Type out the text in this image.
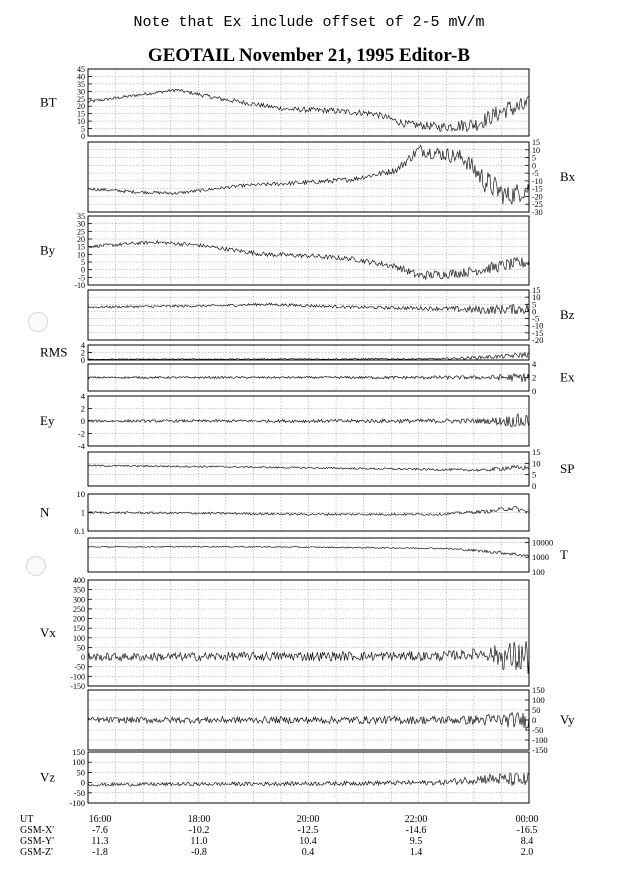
Note that Ex include offset of 2-5 mV/m
GEOTAIL November 21, 1995 Editor-B
45
40
35
30
25
20
15
10
5
0
BT
15
10
5
0
-5
-10
-15
-20
-25
-30
Bx
35
30
25
20
15
10
5
0
-5
-10
By
15
10
5
0
-5
-10
-15
-20
Bz
4
2
0
RMS
4
2
0
Ex
4
2
0
-2
-4
Ey
15
10
5
0
SP
10
1
0.1
N
10000
1000
100
T
400
350
300
250
200
150
100
50
0
-50
-100
-150
Vx
150
100
50
0
-50
-100
-150
Vy
150
100
50
0
-50
-100
Vz
UT	16:00	18:00	20:00	22:00	00:00
GSM-X'	-7.6	-10.2	-12.5	-14.6	-16.5
GSM-Y'	11.3	11.0	10.4	9.5	8.4
GSM-Z'	-1.8	-0.8	0.4	1.4	2.0
